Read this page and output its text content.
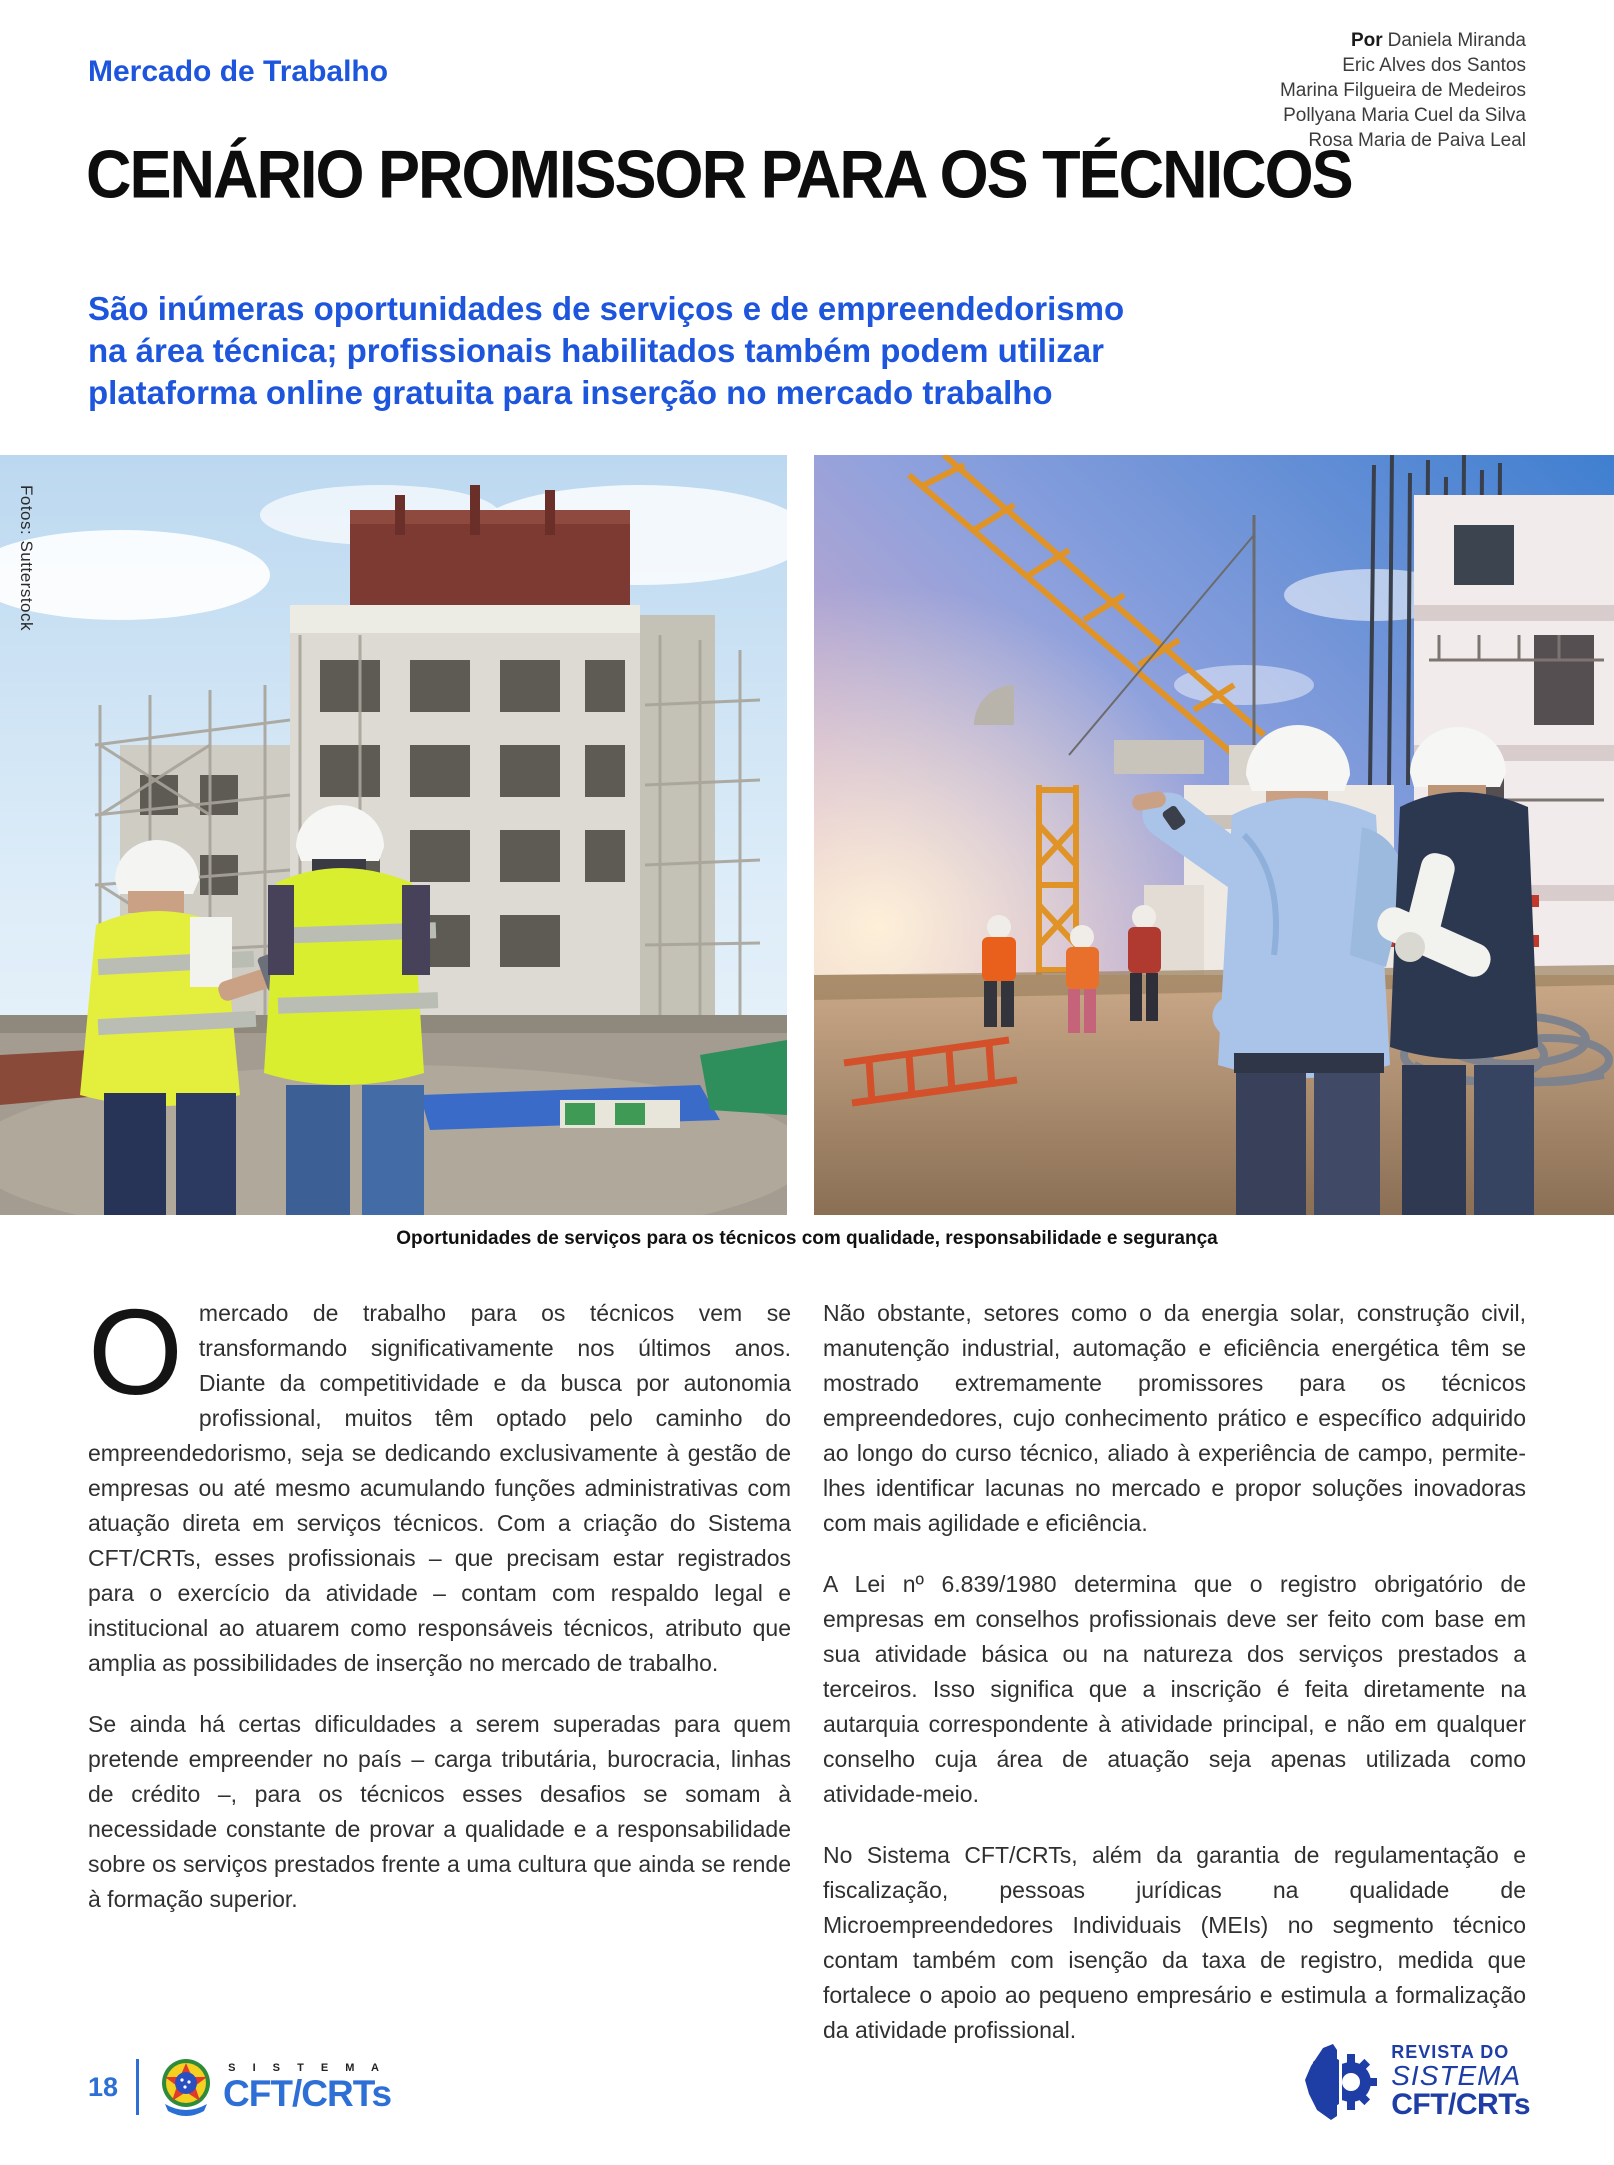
Mercado de Trabalho
Por Daniela Miranda
Eric Alves dos Santos
Marina Filgueira de Medeiros
Pollyana Maria Cuel da Silva
Rosa Maria de Paiva Leal
CENÁRIO PROMISSOR PARA OS TÉCNICOS
São inúmeras oportunidades de serviços e de empreendedorismo na área técnica; profissionais habilitados também podem utilizar plataforma online gratuita para inserção no mercado trabalho
Fotos: Sutterstock
Oportunidades de serviços para os técnicos com qualidade, responsabilidade e segurança

Omercado de trabalho para os técnicos vem se transformando significativamente nos últimos anos. Diante da competitividade e da busca por autonomia profissional, muitos têm optado pelo caminho do empreendedorismo, seja se dedicando exclusivamente à gestão de empresas ou até mesmo acumulando funções administrativas com atuação direta em serviços técnicos. Com a criação do Sistema CFT/CRTs, esses profissionais – que precisam estar registrados para o exercício da atividade – contam com respaldo legal e institucional ao atuarem como responsáveis técnicos, atributo que amplia as possibilidades de inserção no mercado de trabalho.

Se ainda há certas dificuldades a serem superadas para quem pretende empreender no país – carga tributária, burocracia, linhas de crédito –, para os técnicos esses desafios se somam à necessidade constante de provar a qualidade e a responsabilidade sobre os serviços prestados frente a uma cultura que ainda se rende à formação superior.

Não obstante, setores como o da energia solar, construção civil, manutenção industrial, automação e eficiência energética têm se mostrado extremamente promissores para os técnicos empreendedores, cujo conhecimento prático e específico adquirido ao longo do curso técnico, aliado à experiência de campo, permite-lhes identificar lacunas no mercado e propor soluções inovadoras com mais agilidade e eficiência.

A Lei nº 6.839/1980 determina que o registro obrigatório de empresas em conselhos profissionais deve ser feito com base em sua atividade básica ou na natureza dos serviços prestados a terceiros. Isso significa que a inscrição é feita diretamente na autarquia correspondente à atividade principal, e não em qualquer conselho cuja área de atuação seja apenas utilizada como atividade-meio.

No Sistema CFT/CRTs, além da garantia de regulamentação e fiscalização, pessoas jurídicas na qualidade de Microempreendedores Individuais (MEIs) no segmento técnico contam também com isenção da taxa de registro, medida que fortalece o apoio ao pequeno empresário e estimula a formalização da atividade profissional.

18
S I S T E M A
CFT/CRTs
REVISTA DO
SISTEMA
CFT/CRTs
